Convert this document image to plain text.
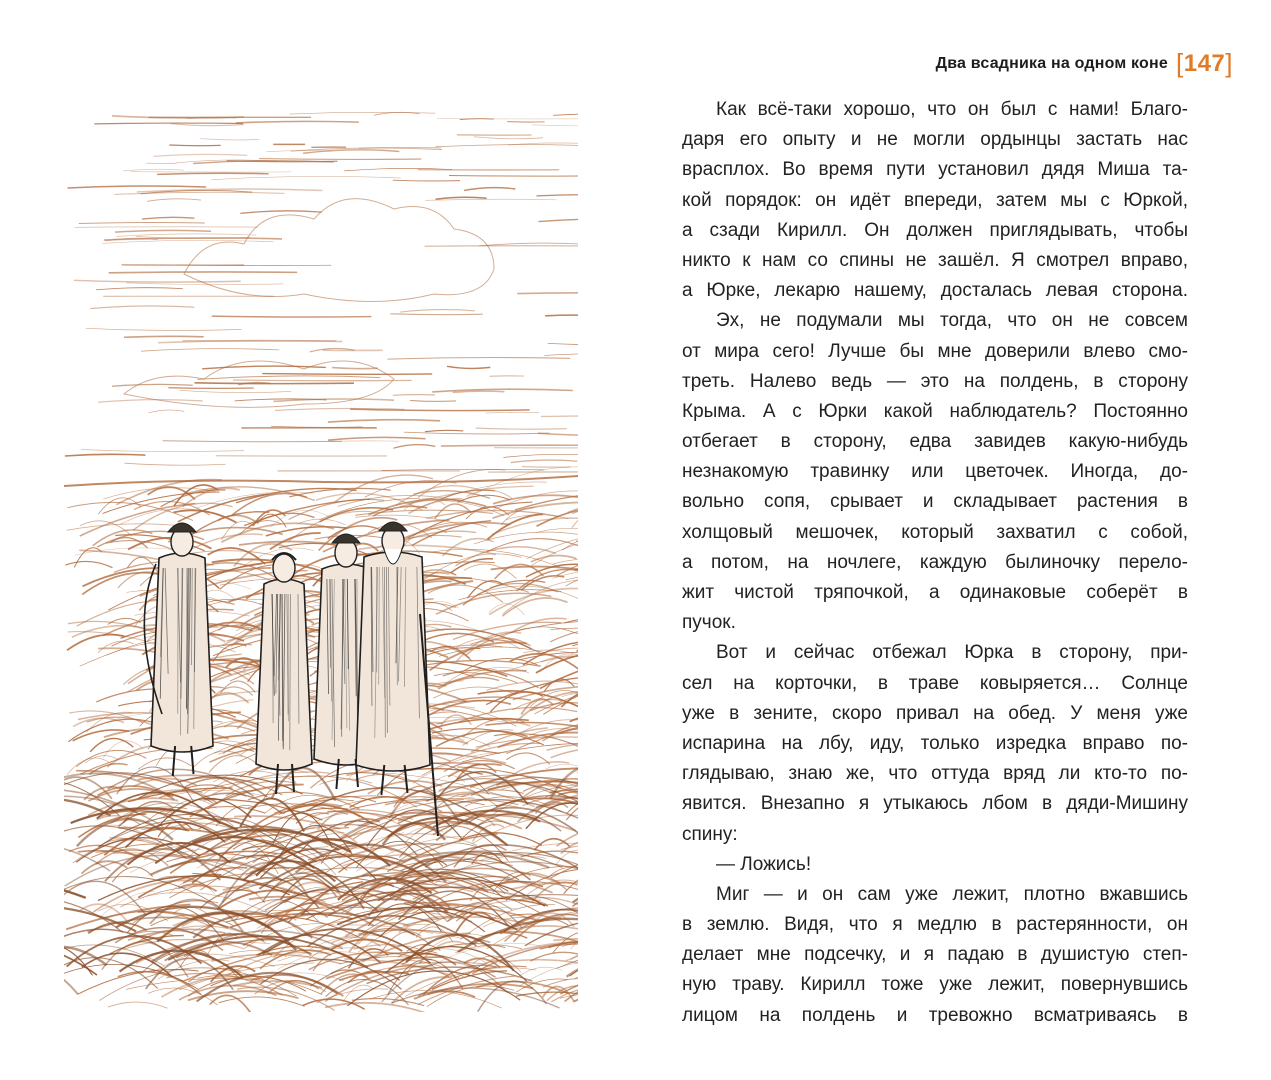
Два всадника на одном коне [ 147 ]
Как всё-таки хорошо, что он был с нами! Благо-
даря его опыту и не могли ордынцы застать нас
врасплох. Во время пути установил дядя Миша та-
кой порядок: он идёт впереди, затем мы с Юркой,
а сзади Кирилл. Он должен приглядывать, чтобы
никто к нам со спины не зашёл. Я смотрел вправо,
а Юрке, лекарю нашему, досталась левая сторона.
Эх, не подумали мы тогда, что он не совсем
от мира сего! Лучше бы мне доверили влево смо-
треть. Налево ведь — это на полдень, в сторону
Крыма. А с Юрки какой наблюдатель? Постоянно
отбегает в сторону, едва завидев какую-нибудь
незнакомую травинку или цветочек. Иногда, до-
вольно сопя, срывает и складывает растения в
холщовый мешочек, который захватил с собой,
а потом, на ночлеге, каждую былиночку перело-
жит чистой тряпочкой, а одинаковые соберёт в
пучок.
Вот и сейчас отбежал Юрка в сторону, при-
сел на корточки, в траве ковыряется… Солнце
уже в зените, скоро привал на обед. У меня уже
испарина на лбу, иду, только изредка вправо по-
глядываю, знаю же, что оттуда вряд ли кто-то по-
явится. Внезапно я утыкаюсь лбом в дяди-Мишину
спину:
— Ложись!
Миг — и он сам уже лежит, плотно вжавшись
в землю. Видя, что я медлю в растерянности, он
делает мне подсечку, и я падаю в душистую степ-
ную траву. Кирилл тоже уже лежит, повернувшись
лицом на полдень и тревожно всматриваясь в
